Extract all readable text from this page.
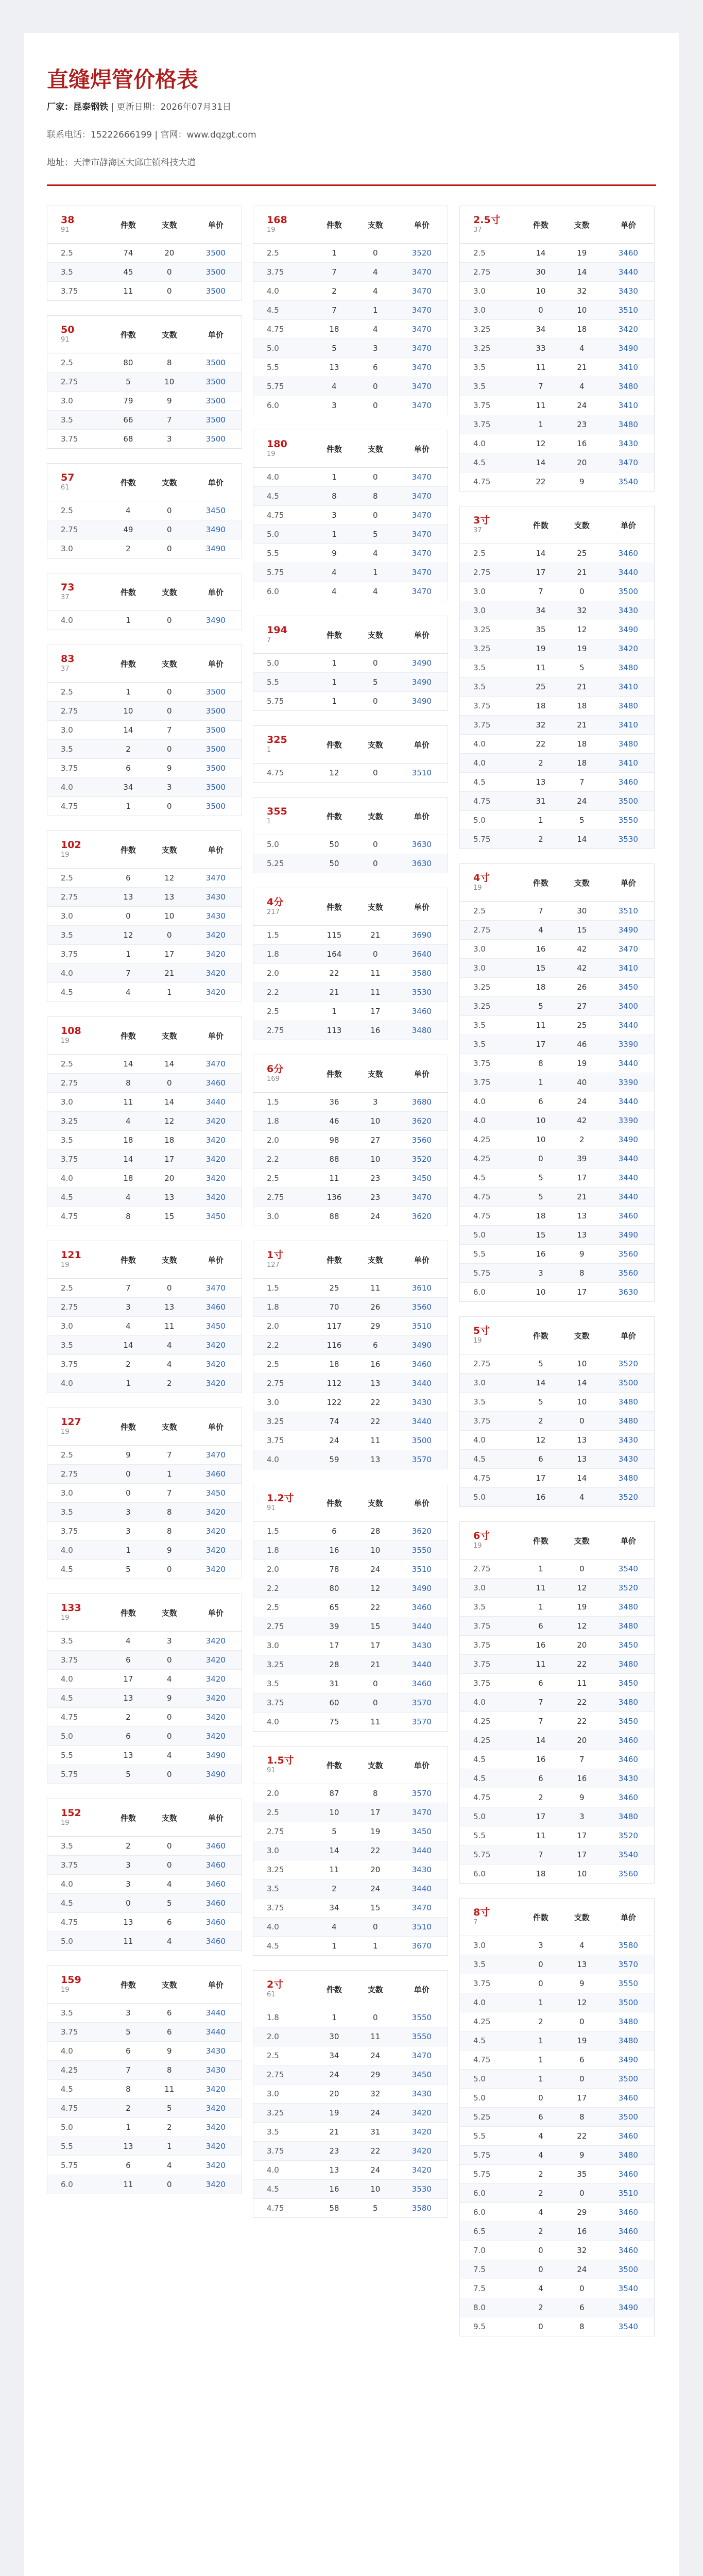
直缝焊管价格表
厂家：昆泰钢铁 | 更新日期：2026年07月31日
联系电话：15222666199 | 官网：www.dqzgt.com
地址：天津市静海区大邱庄镇科技大道
38
91	件数	支数	单价
2.5	74	20	3500
3.5	45	0	3500
3.75	11	0	3500
50
91	件数	支数	单价
2.5	80	8	3500
2.75	5	10	3500
3.0	79	9	3500
3.5	66	7	3500
3.75	68	3	3500
57
61	件数	支数	单价
2.5	4	0	3450
2.75	49	0	3490
3.0	2	0	3490
73
37	件数	支数	单价
4.0	1	0	3490
83
37	件数	支数	单价
2.5	1	0	3500
2.75	10	0	3500
3.0	14	7	3500
3.5	2	0	3500
3.75	6	9	3500
4.0	34	3	3500
4.75	1	0	3500
102
19	件数	支数	单价
2.5	6	12	3470
2.75	13	13	3430
3.0	0	10	3430
3.5	12	0	3420
3.75	1	17	3420
4.0	7	21	3420
4.5	4	1	3420
108
19	件数	支数	单价
2.5	14	14	3470
2.75	8	0	3460
3.0	11	14	3440
3.25	4	12	3420
3.5	18	18	3420
3.75	14	17	3420
4.0	18	20	3420
4.5	4	13	3420
4.75	8	15	3450
121
19	件数	支数	单价
2.5	7	0	3470
2.75	3	13	3460
3.0	4	11	3450
3.5	14	4	3420
3.75	2	4	3420
4.0	1	2	3420
127
19	件数	支数	单价
2.5	9	7	3470
2.75	0	1	3460
3.0	0	7	3450
3.5	3	8	3420
3.75	3	8	3420
4.0	1	9	3420
4.5	5	0	3420
133
19	件数	支数	单价
3.5	4	3	3420
3.75	6	0	3420
4.0	17	4	3420
4.5	13	9	3420
4.75	2	0	3420
5.0	6	0	3420
5.5	13	4	3490
5.75	5	0	3490
152
19	件数	支数	单价
3.5	2	0	3460
3.75	3	0	3460
4.0	3	4	3460
4.5	0	5	3460
4.75	13	6	3460
5.0	11	4	3460
159
19	件数	支数	单价
3.5	3	6	3440
3.75	5	6	3440
4.0	6	9	3430
4.25	7	8	3430
4.5	8	11	3420
4.75	2	5	3420
5.0	1	2	3420
5.5	13	1	3420
5.75	6	4	3420
6.0	11	0	3420
168
19	件数	支数	单价
2.5	1	0	3520
3.75	7	4	3470
4.0	2	4	3470
4.5	7	1	3470
4.75	18	4	3470
5.0	5	3	3470
5.5	13	6	3470
5.75	4	0	3470
6.0	3	0	3470
180
19	件数	支数	单价
4.0	1	0	3470
4.5	8	8	3470
4.75	3	0	3470
5.0	1	5	3470
5.5	9	4	3470
5.75	4	1	3470
6.0	4	4	3470
194
7	件数	支数	单价
5.0	1	0	3490
5.5	1	5	3490
5.75	1	0	3490
325
1	件数	支数	单价
4.75	12	0	3510
355
1	件数	支数	单价
5.0	50	0	3630
5.25	50	0	3630
4分
217	件数	支数	单价
1.5	115	21	3690
1.8	164	0	3640
2.0	22	11	3580
2.2	21	11	3530
2.5	1	17	3460
2.75	113	16	3480
6分
169	件数	支数	单价
1.5	36	3	3680
1.8	46	10	3620
2.0	98	27	3560
2.2	88	10	3520
2.5	11	23	3450
2.75	136	23	3470
3.0	88	24	3620
1寸
127	件数	支数	单价
1.5	25	11	3610
1.8	70	26	3560
2.0	117	29	3510
2.2	116	6	3490
2.5	18	16	3460
2.75	112	13	3440
3.0	122	22	3430
3.25	74	22	3440
3.75	24	11	3500
4.0	59	13	3570
1.2寸
91	件数	支数	单价
1.5	6	28	3620
1.8	16	10	3550
2.0	78	24	3510
2.2	80	12	3490
2.5	65	22	3460
2.75	39	15	3440
3.0	17	17	3430
3.25	28	21	3440
3.5	31	0	3460
3.75	60	0	3570
4.0	75	11	3570
1.5寸
91	件数	支数	单价
2.0	87	8	3570
2.5	10	17	3470
2.75	5	19	3450
3.0	14	22	3440
3.25	11	20	3430
3.5	2	24	3440
3.75	34	15	3470
4.0	4	0	3510
4.5	1	1	3670
2寸
61	件数	支数	单价
1.8	1	0	3550
2.0	30	11	3550
2.5	34	24	3470
2.75	24	29	3450
3.0	20	32	3430
3.25	19	24	3420
3.5	21	31	3420
3.75	23	22	3420
4.0	13	24	3420
4.5	16	10	3530
4.75	58	5	3580
2.5寸
37	件数	支数	单价
2.5	14	19	3460
2.75	30	14	3440
3.0	10	32	3430
3.0	0	10	3510
3.25	34	18	3420
3.25	33	4	3490
3.5	11	21	3410
3.5	7	4	3480
3.75	11	24	3410
3.75	1	23	3480
4.0	12	16	3430
4.5	14	20	3470
4.75	22	9	3540
3寸
37	件数	支数	单价
2.5	14	25	3460
2.75	17	21	3440
3.0	7	0	3500
3.0	34	32	3430
3.25	35	12	3490
3.25	19	19	3420
3.5	11	5	3480
3.5	25	21	3410
3.75	18	18	3480
3.75	32	21	3410
4.0	22	18	3480
4.0	2	18	3410
4.5	13	7	3460
4.75	31	24	3500
5.0	1	5	3550
5.75	2	14	3530
4寸
19	件数	支数	单价
2.5	7	30	3510
2.75	4	15	3490
3.0	16	42	3470
3.0	15	42	3410
3.25	18	26	3450
3.25	5	27	3400
3.5	11	25	3440
3.5	17	46	3390
3.75	8	19	3440
3.75	1	40	3390
4.0	6	24	3440
4.0	10	42	3390
4.25	10	2	3490
4.25	0	39	3440
4.5	5	17	3440
4.75	5	21	3440
4.75	18	13	3460
5.0	15	13	3490
5.5	16	9	3560
5.75	3	8	3560
6.0	10	17	3630
5寸
19	件数	支数	单价
2.75	5	10	3520
3.0	14	14	3500
3.5	5	10	3480
3.75	2	0	3480
4.0	12	13	3430
4.5	6	13	3430
4.75	17	14	3480
5.0	16	4	3520
6寸
19	件数	支数	单价
2.75	1	0	3540
3.0	11	12	3520
3.5	1	19	3480
3.75	6	12	3480
3.75	16	20	3450
3.75	11	22	3480
3.75	6	11	3450
4.0	7	22	3480
4.25	7	22	3450
4.25	14	20	3460
4.5	16	7	3460
4.5	6	16	3430
4.75	2	9	3460
5.0	17	3	3480
5.5	11	17	3520
5.75	7	17	3540
6.0	18	10	3560
8寸
7	件数	支数	单价
3.0	3	4	3580
3.5	0	13	3570
3.75	0	9	3550
4.0	1	12	3500
4.25	2	0	3480
4.5	1	19	3480
4.75	1	6	3490
5.0	1	0	3500
5.0	0	17	3460
5.25	6	8	3500
5.5	4	22	3460
5.75	4	9	3480
5.75	2	35	3460
6.0	2	0	3510
6.0	4	29	3460
6.5	2	16	3460
7.0	0	32	3460
7.5	0	24	3500
7.5	4	0	3540
8.0	2	6	3490
9.5	0	8	3540
